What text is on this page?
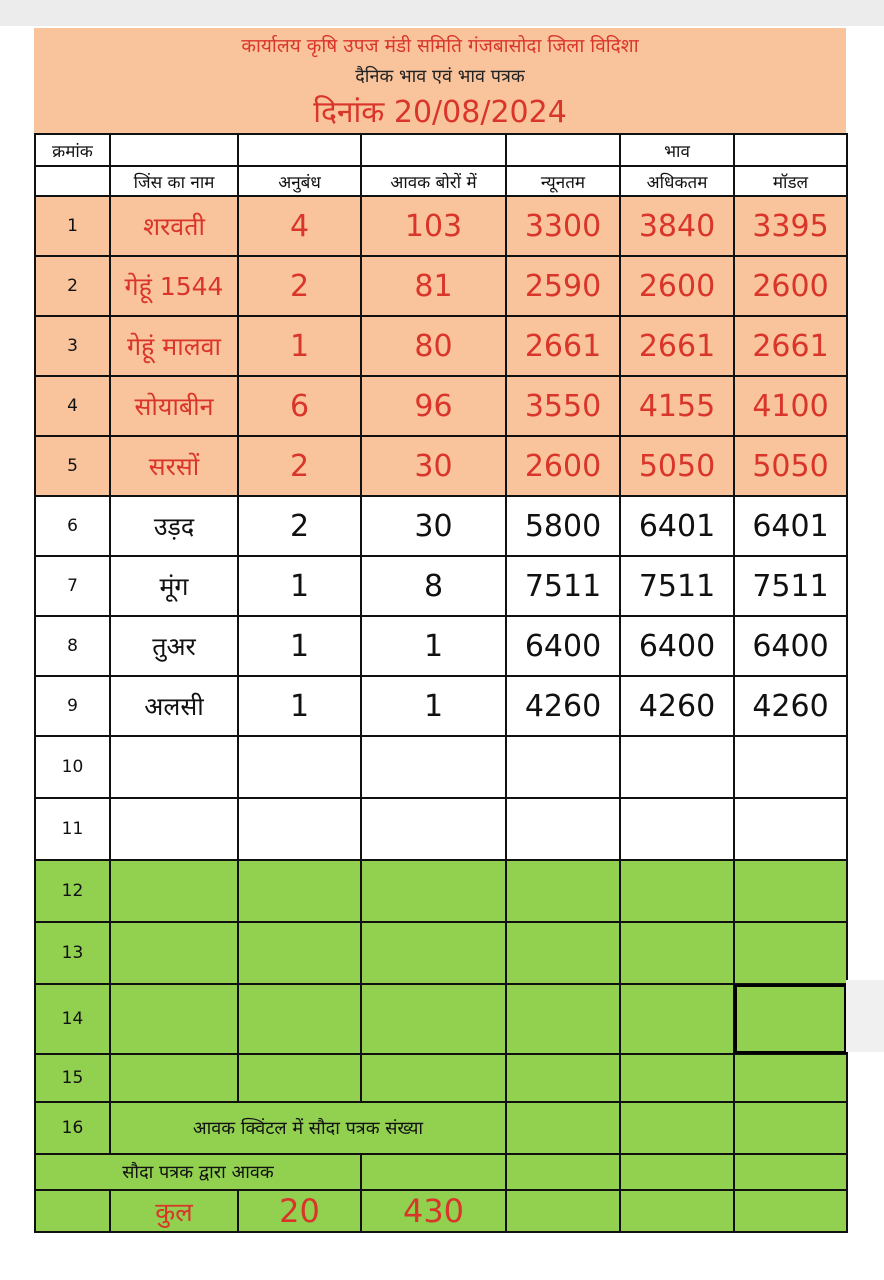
कार्यालय कृषि उपज मंडी समिति गंजबासोदा जिला विदिशा
दैनिक भाव एवं भाव पत्रक
दिनांक 20/08/2024
क्रमांक					भाव	
	जिंस का नाम	अनुबंध	आवक बोरों में	न्यूनतम	अधिकतम	मॉडल
1	शरवती	4	103	3300	3840	3395
2	गेहूं 1544	2	81	2590	2600	2600
3	गेहूं मालवा	1	80	2661	2661	2661
4	सोयाबीन	6	96	3550	4155	4100
5	सरसों	2	30	2600	5050	5050
6	उड़द	2	30	5800	6401	6401
7	मूंग	1	8	7511	7511	7511
8	तुअर	1	1	6400	6400	6400
9	अलसी	1	1	4260	4260	4260
10						
11						
12						
13						
14						
15						
16	आवक क्विंटल में सौदा पत्रक संख्या					
सौदा पत्रक द्वारा आवक						
	कुल	20	430			
